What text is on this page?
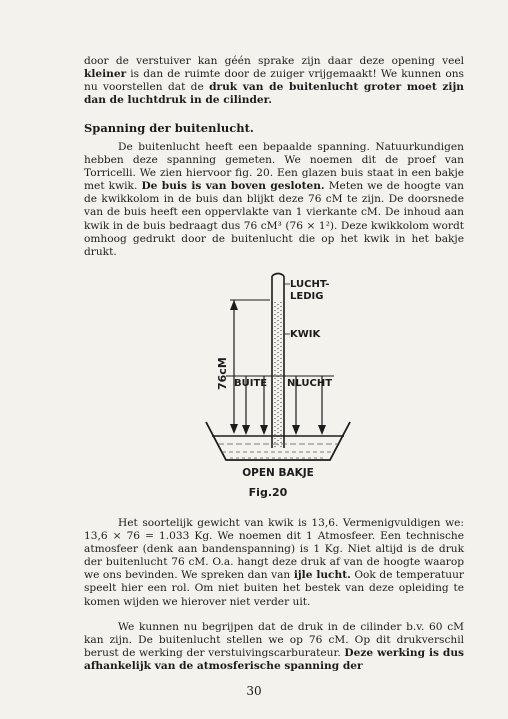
door de verstuiver kan géén sprake zijn daar deze opening veel kleiner is dan de ruimte door de zuiger vrijgemaakt! We kunnen ons nu voorstellen dat de druk van de buitenlucht groter moet zijn dan de luchtdruk in de cilinder.

Spanning der buitenlucht.

De buitenlucht heeft een bepaalde spanning. Natuurkundigen hebben deze spanning gemeten. We noemen dit de proef van Torricelli. We zien hiervoor fig. 20. Een glazen buis staat in een bakje met kwik. De buis is van boven gesloten. Meten we de hoogte van de kwikkolom in de buis dan blijkt deze 76 cM te zijn. De doorsnede van de buis heeft een oppervlakte van 1 vierkante cM. De inhoud aan kwik in de buis bedraagt dus 76 cM³ (76 × 1²). Deze kwikkolom wordt omhoog gedrukt door de buitenlucht die op het kwik in het bakje drukt.

LUCHT-
LEDIG
KWIK
BUITE NLUCHT
76cM
OPEN BAKJE
Fig.20

Het soortelijk gewicht van kwik is 13,6. Vermenigvuldigen we: 13,6 × 76 = 1.033 Kg. We noemen dit 1 Atmosfeer. Een technische atmosfeer (denk aan bandenspanning) is 1 Kg. Niet altijd is de druk der buitenlucht 76 cM. O.a. hangt deze druk af van de hoogte waarop we ons bevinden. We spreken dan van ijle lucht. Ook de temperatuur speelt hier een rol. Om niet buiten het bestek van deze opleiding te komen wijden we hierover niet verder uit.

We kunnen nu begrijpen dat de druk in de cilinder b.v. 60 cM kan zijn. De buitenlucht stellen we op 76 cM. Op dit drukverschil berust de werking der verstuivingscarburateur. Deze werking is dus afhankelijk van de atmosferische spanning der

30
